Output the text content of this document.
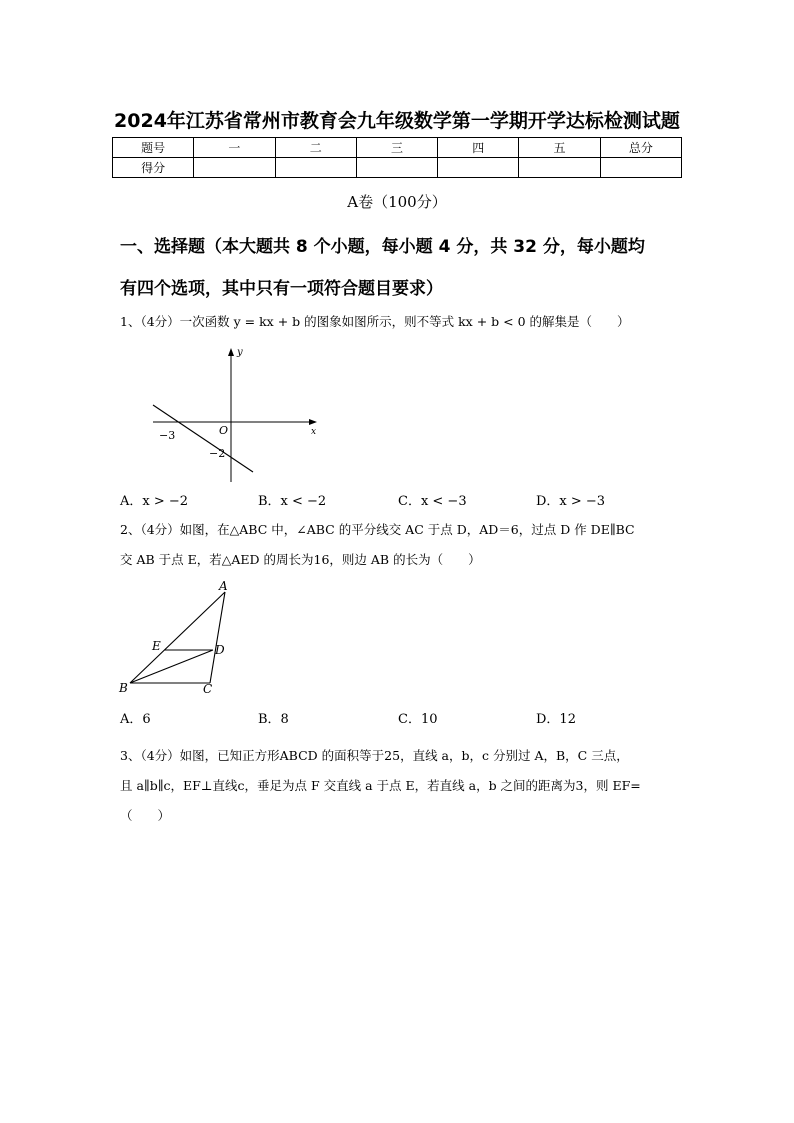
2024年江苏省常州市教育会九年级数学第一学期开学达标检测试题
题号	一	二	三	四	五	总分
得分						
A卷（100分）
一、选择题（本大题共 8 个小题，每小题 4 分，共 32 分，每小题均
有四个选项，其中只有一项符合题目要求）
1、（4分）一次函数 y = kx + b 的图象如图所示，则不等式 kx + b < 0 的解集是（　　）
y
x
O
−3
−2
A．x > −2	B．x < −2	C．x < −3	D．x > −3
2、（4分）如图，在△ABC 中，∠ABC 的平分线交 AC 于点 D，AD＝6，过点 D 作 DE∥BC
交 AB 于点 E，若△AED 的周长为16，则边 AB 的长为（　　）
A
E	D
B	C
A．6	B．8	C．10	D．12
3、（4分）如图，已知正方形ABCD 的面积等于25，直线 a，b，c 分别过 A，B，C 三点，
且 a∥b∥c，EF⊥直线c，垂足为点 F 交直线 a 于点 E，若直线 a，b 之间的距离为3，则 EF=
（　　）
